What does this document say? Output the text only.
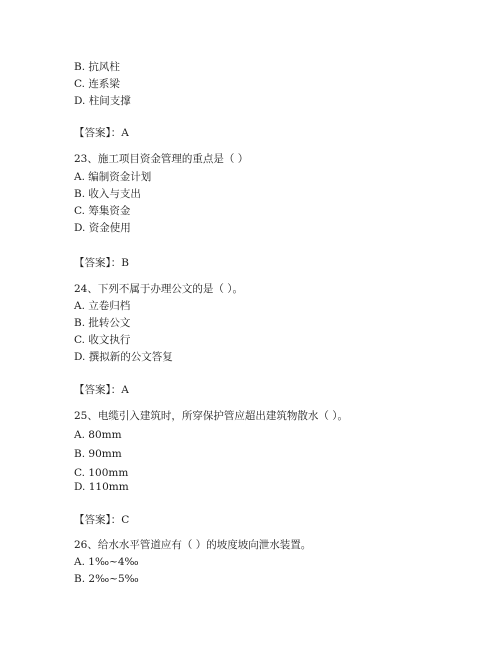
B. 抗风柱
C. 连系梁
D. 柱间支撑
【答案】：A
23、施工项目资金管理的重点是（ ）
A. 编制资金计划
B. 收入与支出
C. 筹集资金
D. 资金使用
【答案】：B
24、下列不属于办理公文的是（ ）。
A. 立卷归档
B. 批转公文
C. 收文执行
D. 撰拟新的公文答复
【答案】：A
25、电缆引入建筑时，所穿保护管应超出建筑物散水（ ）。
A. 80mm
B. 90mm
C. 100mm
D. 110mm
【答案】：C
26、给水水平管道应有（ ）的坡度坡向泄水装置。
A. 1‰~4‰
B. 2‰~5‰
